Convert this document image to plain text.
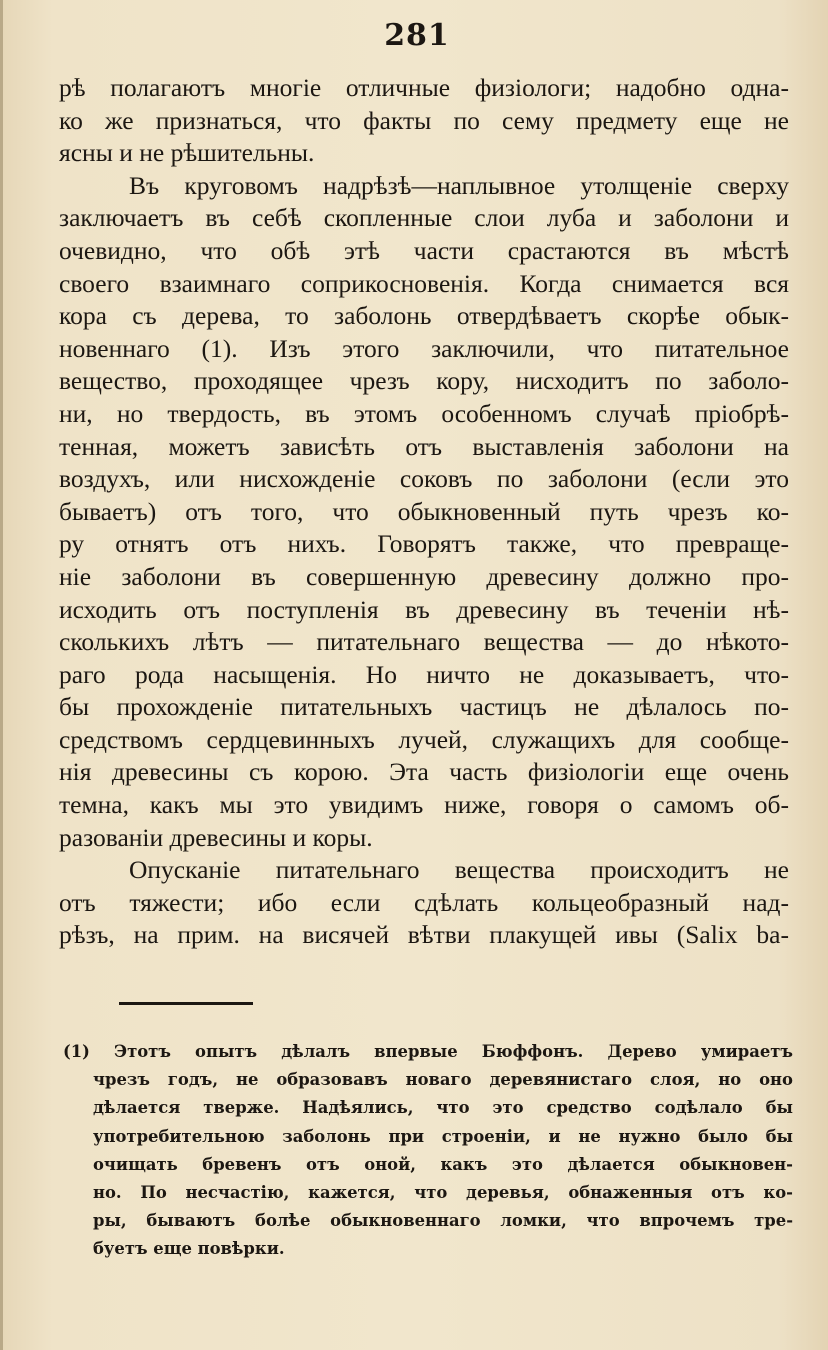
281
рѣ полагаютъ многіе отличные физіологи; надобно одна-
ко же признаться, что факты по сему предмету еще не
ясны и не рѣшительны.
Въ круговомъ надрѣзѣ—наплывное утолщеніе сверху
заключаетъ въ себѣ скопленные слои луба и заболони и
очевидно, что обѣ этѣ части срастаются въ мѣстѣ
своего взаимнаго соприкосновенія. Когда снимается вся
кора съ дерева, то заболонь отвердѣваетъ скорѣе обык-
новеннаго (1). Изъ этого заключили, что питательное
вещество, проходящее чрезъ кору, нисходитъ по заболо-
ни, но твердость, въ этомъ особенномъ случаѣ пріобрѣ-
тенная, можетъ зависѣть отъ выставленія заболони на
воздухъ, или нисхожденіе соковъ по заболони (если это
бываетъ) отъ того, что обыкновенный путь чрезъ ко-
ру отнятъ отъ нихъ. Говорятъ также, что превраще-
ніе заболони въ совершенную древесину должно про-
исходить отъ поступленія въ древесину въ теченіи нѣ-
сколькихъ лѣтъ — питательнаго вещества — до нѣкото-
раго рода насыщенія. Но ничто не доказываетъ, что-
бы прохожденіе питательныхъ частицъ не дѣлалось по-
средствомъ сердцевинныхъ лучей, служащихъ для сообще-
нія древесины съ корою. Эта часть физіологіи еще очень
темна, какъ мы это увидимъ ниже, говоря о самомъ об-
разованіи древесины и коры.
Опусканіе питательнаго вещества происходитъ не
отъ тяжести; ибо если сдѣлать кольцеобразный над-
рѣзъ, на прим. на висячей вѣтви плакущей ивы (Salix ba-
(1) Этотъ опытъ дѣлалъ впервые Бюффонъ. Дерево умираетъ
чрезъ годъ, не образовавъ новаго деревянистаго слоя, но оно
дѣлается тверже. Надѣялись, что это средство содѣлало бы
употребительною заболонь при строеніи, и не нужно было бы
очищать бревенъ отъ оной, какъ это дѣлается обыкновен-
но. По несчастію, кажется, что деревья, обнаженныя отъ ко-
ры, бываютъ болѣе обыкновеннаго ломки, что впрочемъ тре-
буетъ еще повѣрки.
